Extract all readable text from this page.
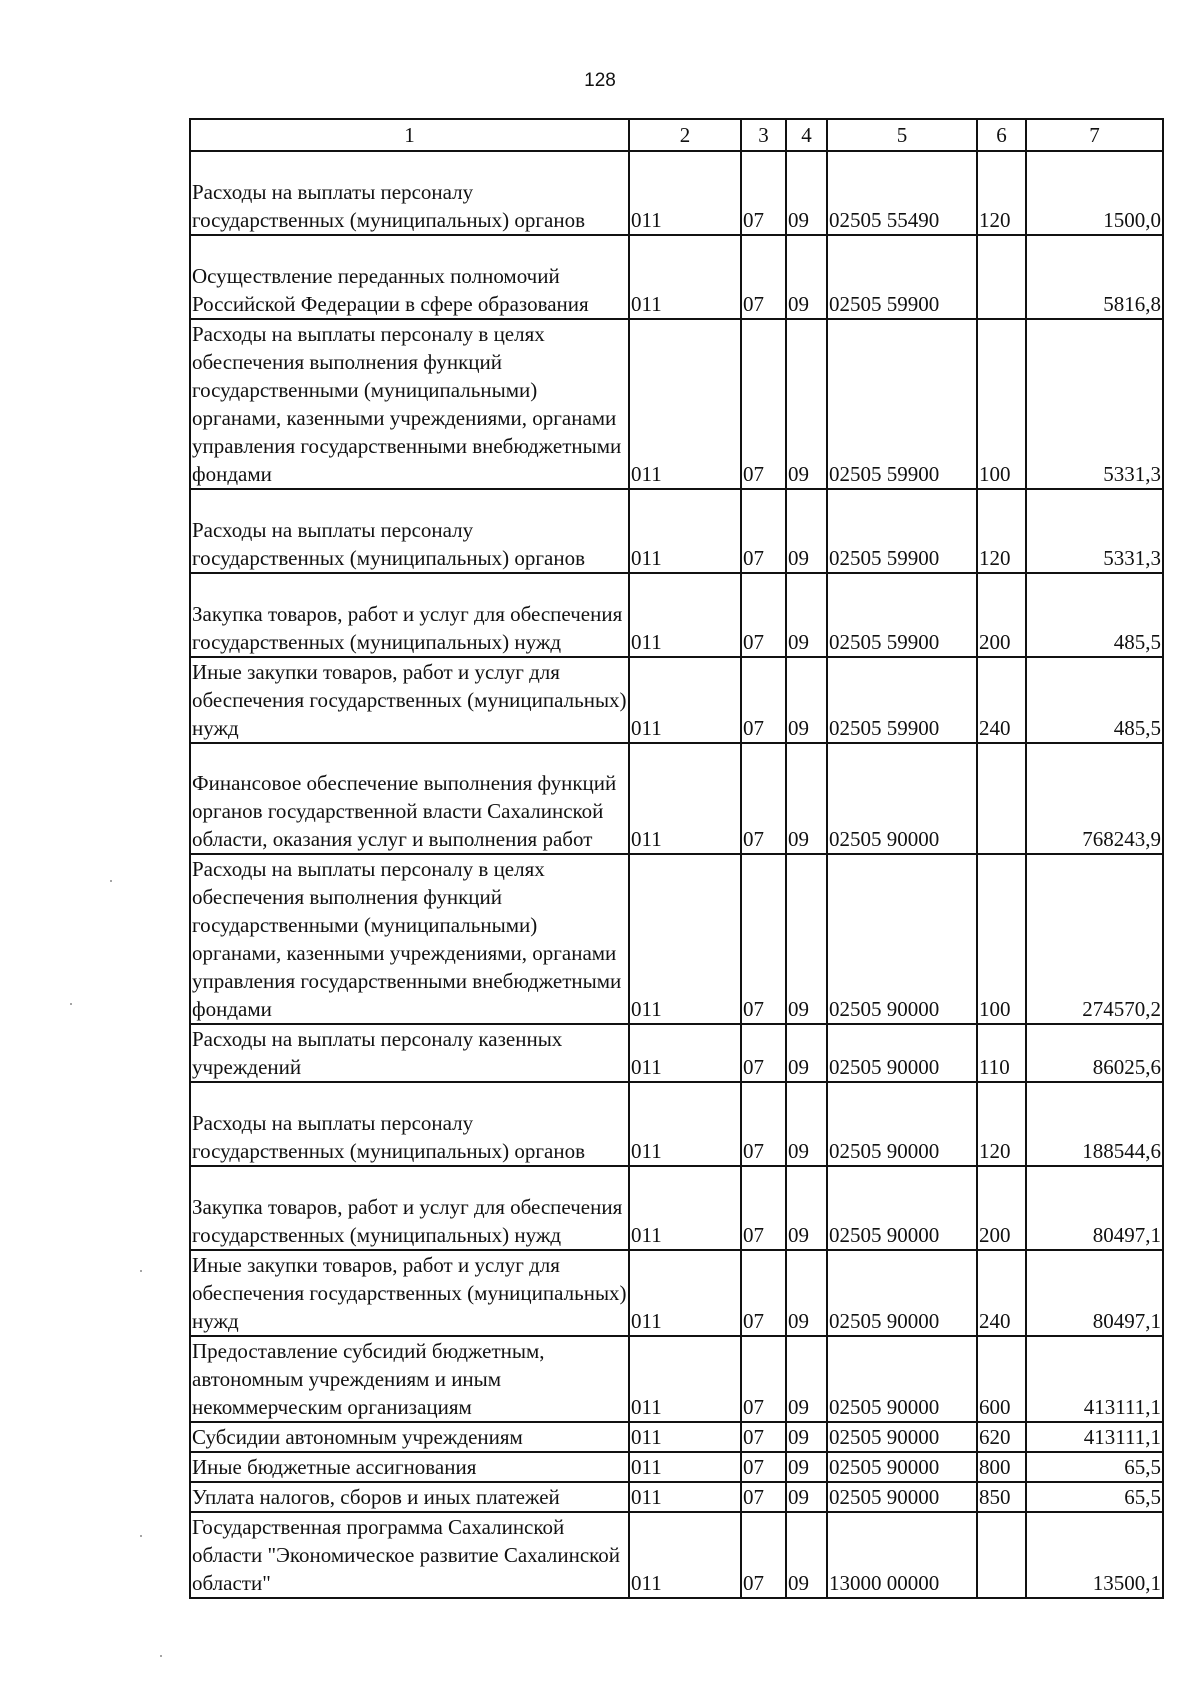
128
1	2	3	4	5	6	7
Расходы на выплаты персоналу государственных (муниципальных) органов	011	07	09	02505 55490	120	1500,0
Осуществление переданных полномочий Российской Федерации в сфере образования	011	07	09	02505 59900		5816,8
Расходы на выплаты персоналу в целях обеспечения выполнения функций государственными (муниципальными) органами, казенными учреждениями, органами управления государственными внебюджетными фондами	011	07	09	02505 59900	100	5331,3
Расходы на выплаты персоналу государственных (муниципальных) органов	011	07	09	02505 59900	120	5331,3
Закупка товаров, работ и услуг для обеспечения государственных (муниципальных) нужд	011	07	09	02505 59900	200	485,5
Иные закупки товаров, работ и услуг для обеспечения государственных (муниципальных) нужд	011	07	09	02505 59900	240	485,5
Финансовое обеспечение выполнения функций органов государственной власти Сахалинской области, оказания услуг и выполнения работ	011	07	09	02505 90000		768243,9
Расходы на выплаты персоналу в целях обеспечения выполнения функций государственными (муниципальными) органами, казенными учреждениями, органами управления государственными внебюджетными фондами	011	07	09	02505 90000	100	274570,2
Расходы на выплаты персоналу казенных учреждений	011	07	09	02505 90000	110	86025,6
Расходы на выплаты персоналу государственных (муниципальных) органов	011	07	09	02505 90000	120	188544,6
Закупка товаров, работ и услуг для обеспечения государственных (муниципальных) нужд	011	07	09	02505 90000	200	80497,1
Иные закупки товаров, работ и услуг для обеспечения государственных (муниципальных) нужд	011	07	09	02505 90000	240	80497,1
Предоставление субсидий бюджетным, автономным учреждениям и иным некоммерческим организациям	011	07	09	02505 90000	600	413111,1
Субсидии автономным учреждениям	011	07	09	02505 90000	620	413111,1
Иные бюджетные ассигнования	011	07	09	02505 90000	800	65,5
Уплата налогов, сборов и иных платежей	011	07	09	02505 90000	850	65,5
Государственная программа Сахалинской области "Экономическое развитие Сахалинской области"	011	07	09	13000 00000		13500,1
